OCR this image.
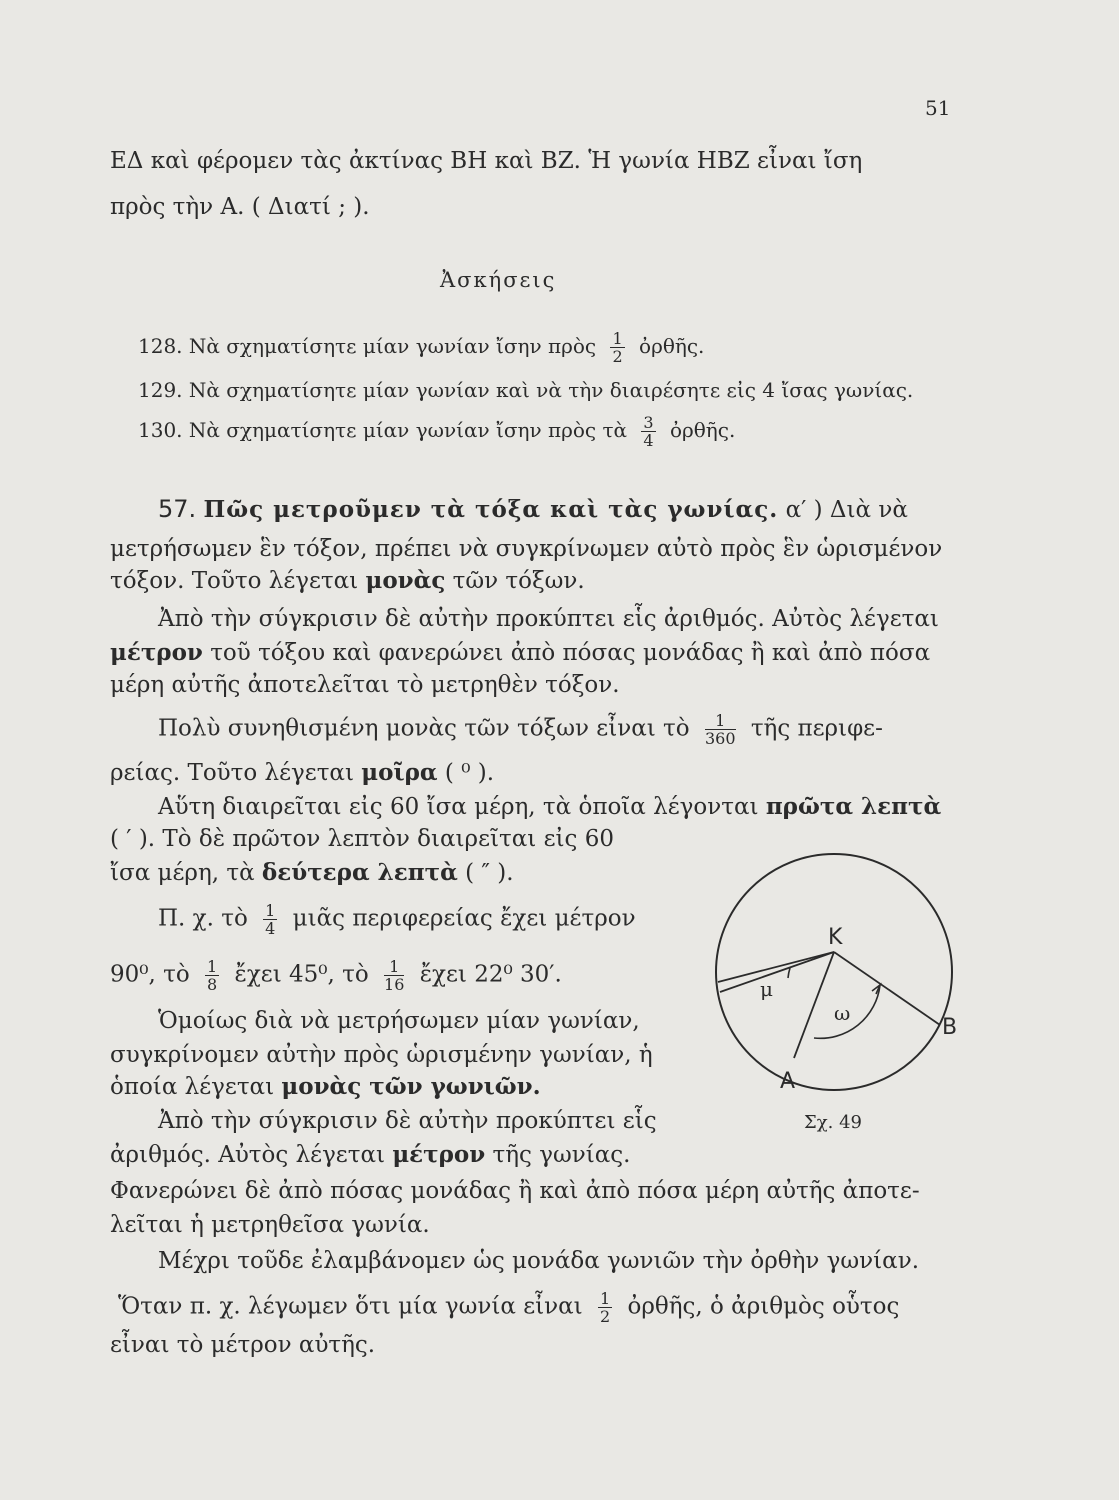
51
ΕΔ καὶ φέρομεν τὰς ἀκτίνας ΒΗ καὶ ΒΖ. Ἡ γωνία ΗΒΖ εἶναι ἴση
πρὸς τὴν Α. ( Διατί ; ).
Ἀσκήσεις
128. Νὰ σχηματίσητε μίαν γωνίαν ἴσην πρὸς $\frac{1}{2}$ ὀρθῆς.
129. Νὰ σχηματίσητε μίαν γωνίαν καὶ νὰ τὴν διαιρέσητε εἰς 4 ἴσας γωνίας.
130. Νὰ σχηματίσητε μίαν γωνίαν ἴσην πρὸς τὰ $\frac{3}{4}$ ὀρθῆς.
57. Πῶς μετροῦμεν τὰ τόξα καὶ τὰς γωνίας. α′ ) Διὰ νὰ
μετρήσωμεν ἓν τόξον, πρέπει νὰ συγκρίνωμεν αὐτὸ πρὸς ἓν ὡρισμένον
τόξον. Τοῦτο λέγεται μονὰς τῶν τόξων.
Ἀπὸ τὴν σύγκρισιν δὲ αὐτὴν προκύπτει εἷς ἀριθμός. Αὐτὸς λέγεται
μέτρον τοῦ τόξου καὶ φανερώνει ἀπὸ πόσας μονάδας ἢ καὶ ἀπὸ πόσα
μέρη αὐτῆς ἀποτελεῖται τὸ μετρηθὲν τόξον.
Πολὺ συνηθισμένη μονὰς τῶν τόξων εἶναι τὸ $\frac{1}{360}$ τῆς περιφε-
ρείας. Τοῦτο λέγεται μοῖρα ( ⁰ ).
Αὕτη διαιρεῖται εἰς 60 ἴσα μέρη, τὰ ὁποῖα λέγονται πρῶτα λεπτὰ
( ′ ). Τὸ δὲ πρῶτον λεπτὸν διαιρεῖται εἰς 60
ἴσα μέρη, τὰ δεύτερα λεπτὰ ( ″ ).
Π. χ. τὸ $\frac{1}{4}$ μιᾶς περιφερείας ἔχει μέτρον
90⁰, τὸ $\frac{1}{8}$ ἔχει 45⁰, τὸ $\frac{1}{16}$ ἔχει 22⁰ 30′.
Ὁμοίως διὰ νὰ μετρήσωμεν μίαν γωνίαν,
συγκρίνομεν αὐτὴν πρὸς ὡρισμένην γωνίαν, ἡ
ὁποία λέγεται μονὰς τῶν γωνιῶν.
Ἀπὸ τὴν σύγκρισιν δὲ αὐτὴν προκύπτει εἷς
ἀριθμός. Αὐτὸς λέγεται μέτρον τῆς γωνίας.
Φανερώνει δὲ ἀπὸ πόσας μονάδας ἢ καὶ ἀπὸ πόσα μέρη αὐτῆς ἀποτε-
λεῖται ἡ μετρηθεῖσα γωνία.
Μέχρι τοῦδε ἐλαμβάνομεν ὡς μονάδα γωνιῶν τὴν ὀρθὴν γωνίαν.
Ὅταν π. χ. λέγωμεν ὅτι μία γωνία εἶναι $\frac{1}{2}$ ὀρθῆς, ὁ ἀριθμὸς οὗτος
εἶναι τὸ μέτρον αὐτῆς.
K
B
A
μ
ω
Σχ. 49
